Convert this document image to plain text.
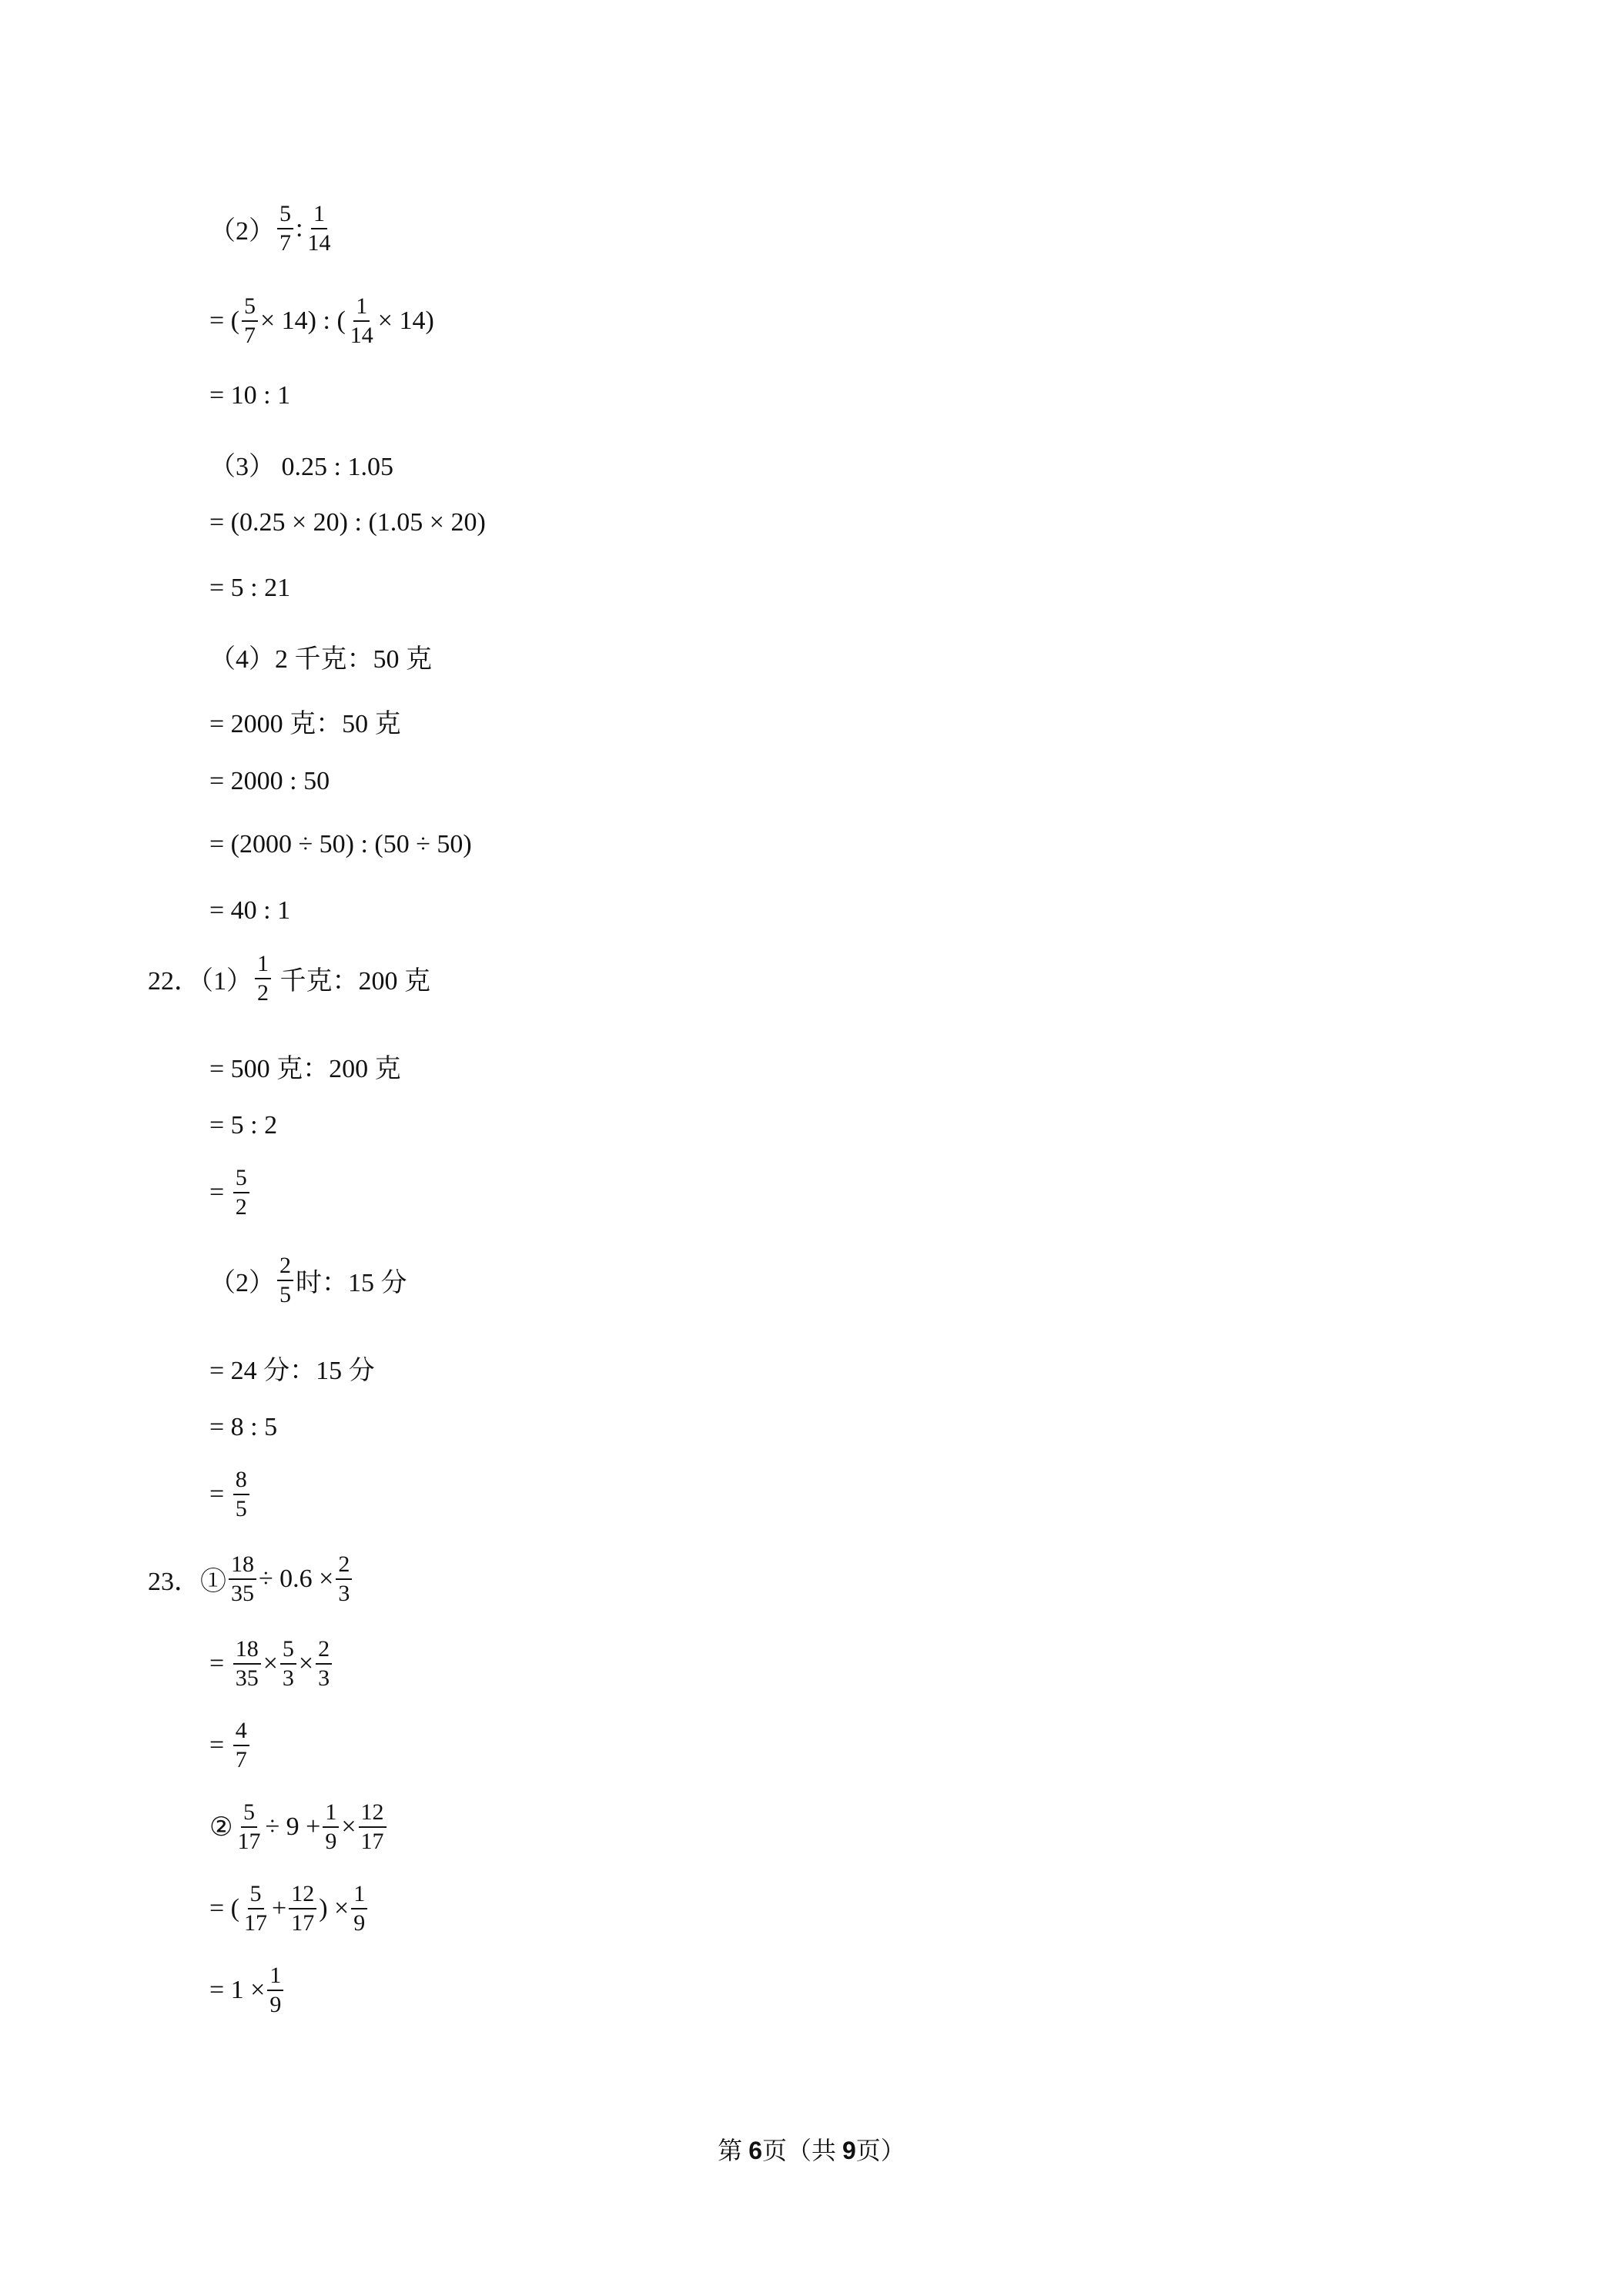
$(2) \frac{5}{7}$ : $\frac{1}{14}$
= ( $\frac{5}{7} \times 14$) : ( $\frac{1}{14} \times 14$)
= 10 : 1
（3） 0.25 : 1.05
= (0.25 × 20) : (1.05 × 20)
= 5 : 21
（4）2 千克：50 克
= 2000 克：50 克
= 2000 : 50
= (2000 ÷ 50) : (50 ÷ 50)
= 40 : 1
22．$(1) \frac{1}{2}$ 千克：200 克
= 500 克：200 克
= 5 : 2
= $\frac{5}{2}$
$(2) \frac{2}{5}$ 时：15 分
= 24 分：15 分
= 8 : 5
= $\frac{8}{5}$
23．① $\frac{18}{35} \div 0.6 \times \frac{2}{3}$
= $\frac{18}{35} \times \frac{5}{3} \times \frac{2}{3}$
= $\frac{4}{7}$
② $\frac{5}{17} \div 9 + \frac{1}{9} \times \frac{12}{17}$
= ( $\frac{5}{17} + \frac{12}{17}$ ) × $\frac{1}{9}$
= $1 \times \frac{1}{9}$
第 6页（共 9页）
